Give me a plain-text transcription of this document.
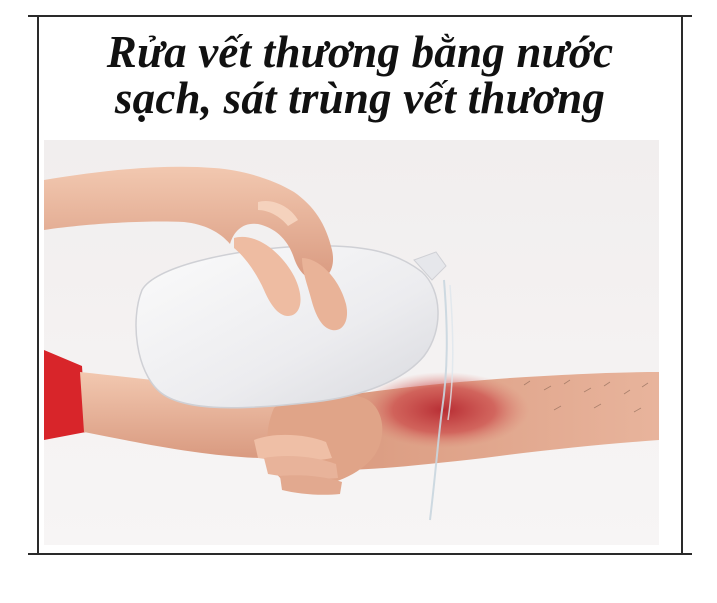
Rửa vết thương bằng nước
sạch, sát trùng vết thương
